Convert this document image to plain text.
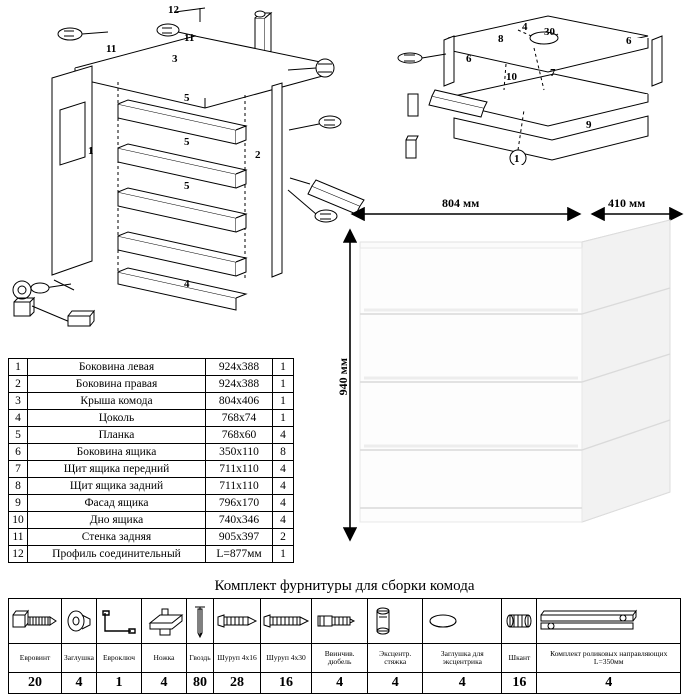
12
11
11
3
5
5
5
4
1	2
4 30
8	6
6
10	7
9
1
804 мм	410 мм
940 мм
1	Боковина левая	924x388	1
2	Боковина правая	924x388	1
3	Крыша комода	804x406	1
4	Цоколь	768x74	1
5	Планка	768x60	4
6	Боковина ящика	350x110	8
7	Щит ящика передний	711x110	4
8	Щит ящика задний	711x110	4
9	Фасад ящика	796x170	4
10	Дно ящика	740x346	4
11	Стенка задняя	905x397	2
12	Профиль соединительный	L=877мм	1
Комплект фурнитуры для сборки комода

Евровинт	Заглушка	Евроключ	Ножка	Гвоздь	Шуруп 4x16	Шуруп 4x30	Ввинчив. дюбель	Эксцентр. стяжка	Заглушка для эксцентрика	Шкант	Комплект роликовых направляющих L=350мм
20	4	1	4	80	28	16	4	4	4	16	4
